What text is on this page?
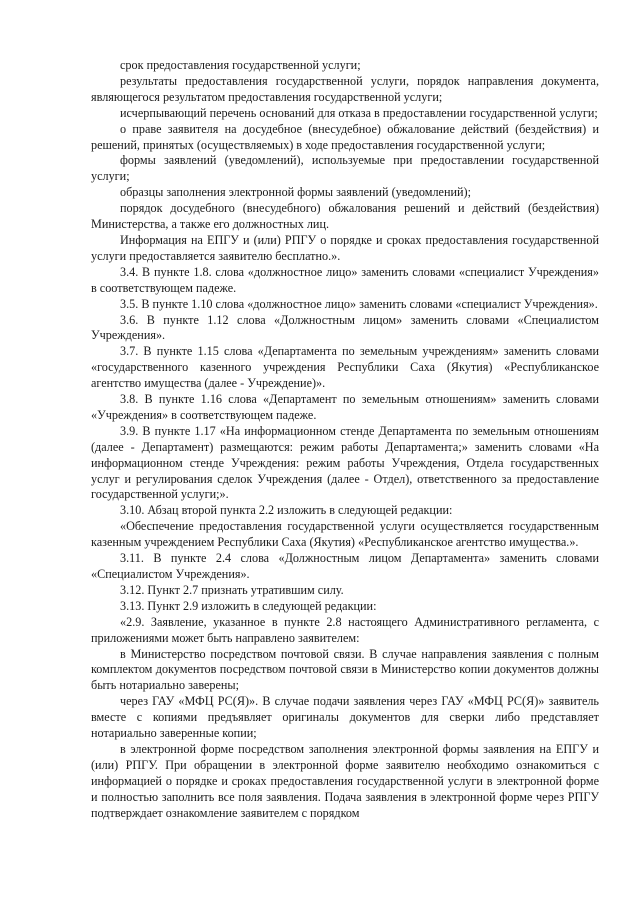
срок предоставления государственной услуги;

результаты предоставления государственной услуги, порядок направления документа, являющегося результатом предоставления государственной услуги;

исчерпывающий перечень оснований для отказа в предоставлении государственной услуги;

о праве заявителя на досудебное (внесудебное) обжалование действий (бездействия) и решений, принятых (осуществляемых) в ходе предоставления государственной услуги;

формы заявлений (уведомлений), используемые при предоставлении государственной услуги;

образцы заполнения электронной формы заявлений (уведомлений);

порядок досудебного (внесудебного) обжалования решений и действий (бездействия) Министерства, а также его должностных лиц.

Информация на ЕПГУ и (или) РПГУ о порядке и сроках предоставления государственной услуги предоставляется заявителю бесплатно.».

3.4. В пункте 1.8. слова «должностное лицо» заменить словами «специалист Учреждения» в соответствующем падеже.

3.5. В пункте 1.10 слова «должностное лицо» заменить словами «специалист Учреждения».

3.6. В пункте 1.12 слова «Должностным лицом» заменить словами «Специалистом Учреждения».

3.7. В пункте 1.15 слова «Департамента по земельным учреждениям» заменить словами «государственного казенного учреждения Республики Саха (Якутия) «Республиканское агентство имущества (далее - Учреждение)».

3.8. В пункте 1.16 слова «Департамент по земельным отношениям» заменить словами «Учреждения» в соответствующем падеже.

3.9. В пункте 1.17 «На информационном стенде Департамента по земельным отношениям (далее - Департамент) размещаются: режим работы Департамента;» заменить словами «На информационном стенде Учреждения: режим работы Учреждения, Отдела государственных услуг и регулирования сделок Учреждения (далее - Отдел), ответственного за предоставление государственной услуги;».

3.10. Абзац второй пункта 2.2 изложить в следующей редакции:

«Обеспечение предоставления государственной услуги осуществляется государственным казенным учреждением Республики Саха (Якутия) «Республиканское агентство имущества.».

3.11. В пункте 2.4 слова «Должностным лицом Департамента» заменить словами «Специалистом Учреждения».

3.12. Пункт 2.7 признать утратившим силу.

3.13. Пункт 2.9 изложить в следующей редакции:

«2.9. Заявление, указанное в пункте 2.8 настоящего Административного регламента, с приложениями может быть направлено заявителем:

в Министерство посредством почтовой связи. В случае направления заявления с полным комплектом документов посредством почтовой связи в Министерство копии документов должны быть нотариально заверены;

через ГАУ «МФЦ РС(Я)». В случае подачи заявления через ГАУ «МФЦ РС(Я)» заявитель вместе с копиями предъявляет оригиналы документов для сверки либо представляет нотариально заверенные копии;

в электронной форме посредством заполнения электронной формы заявления на ЕПГУ и (или) РПГУ. При обращении в электронной форме заявителю необходимо ознакомиться с информацией о порядке и сроках предоставления государственной услуги в электронной форме и полностью заполнить все поля заявления. Подача заявления в электронной форме через РПГУ подтверждает ознакомление заявителем с порядком
